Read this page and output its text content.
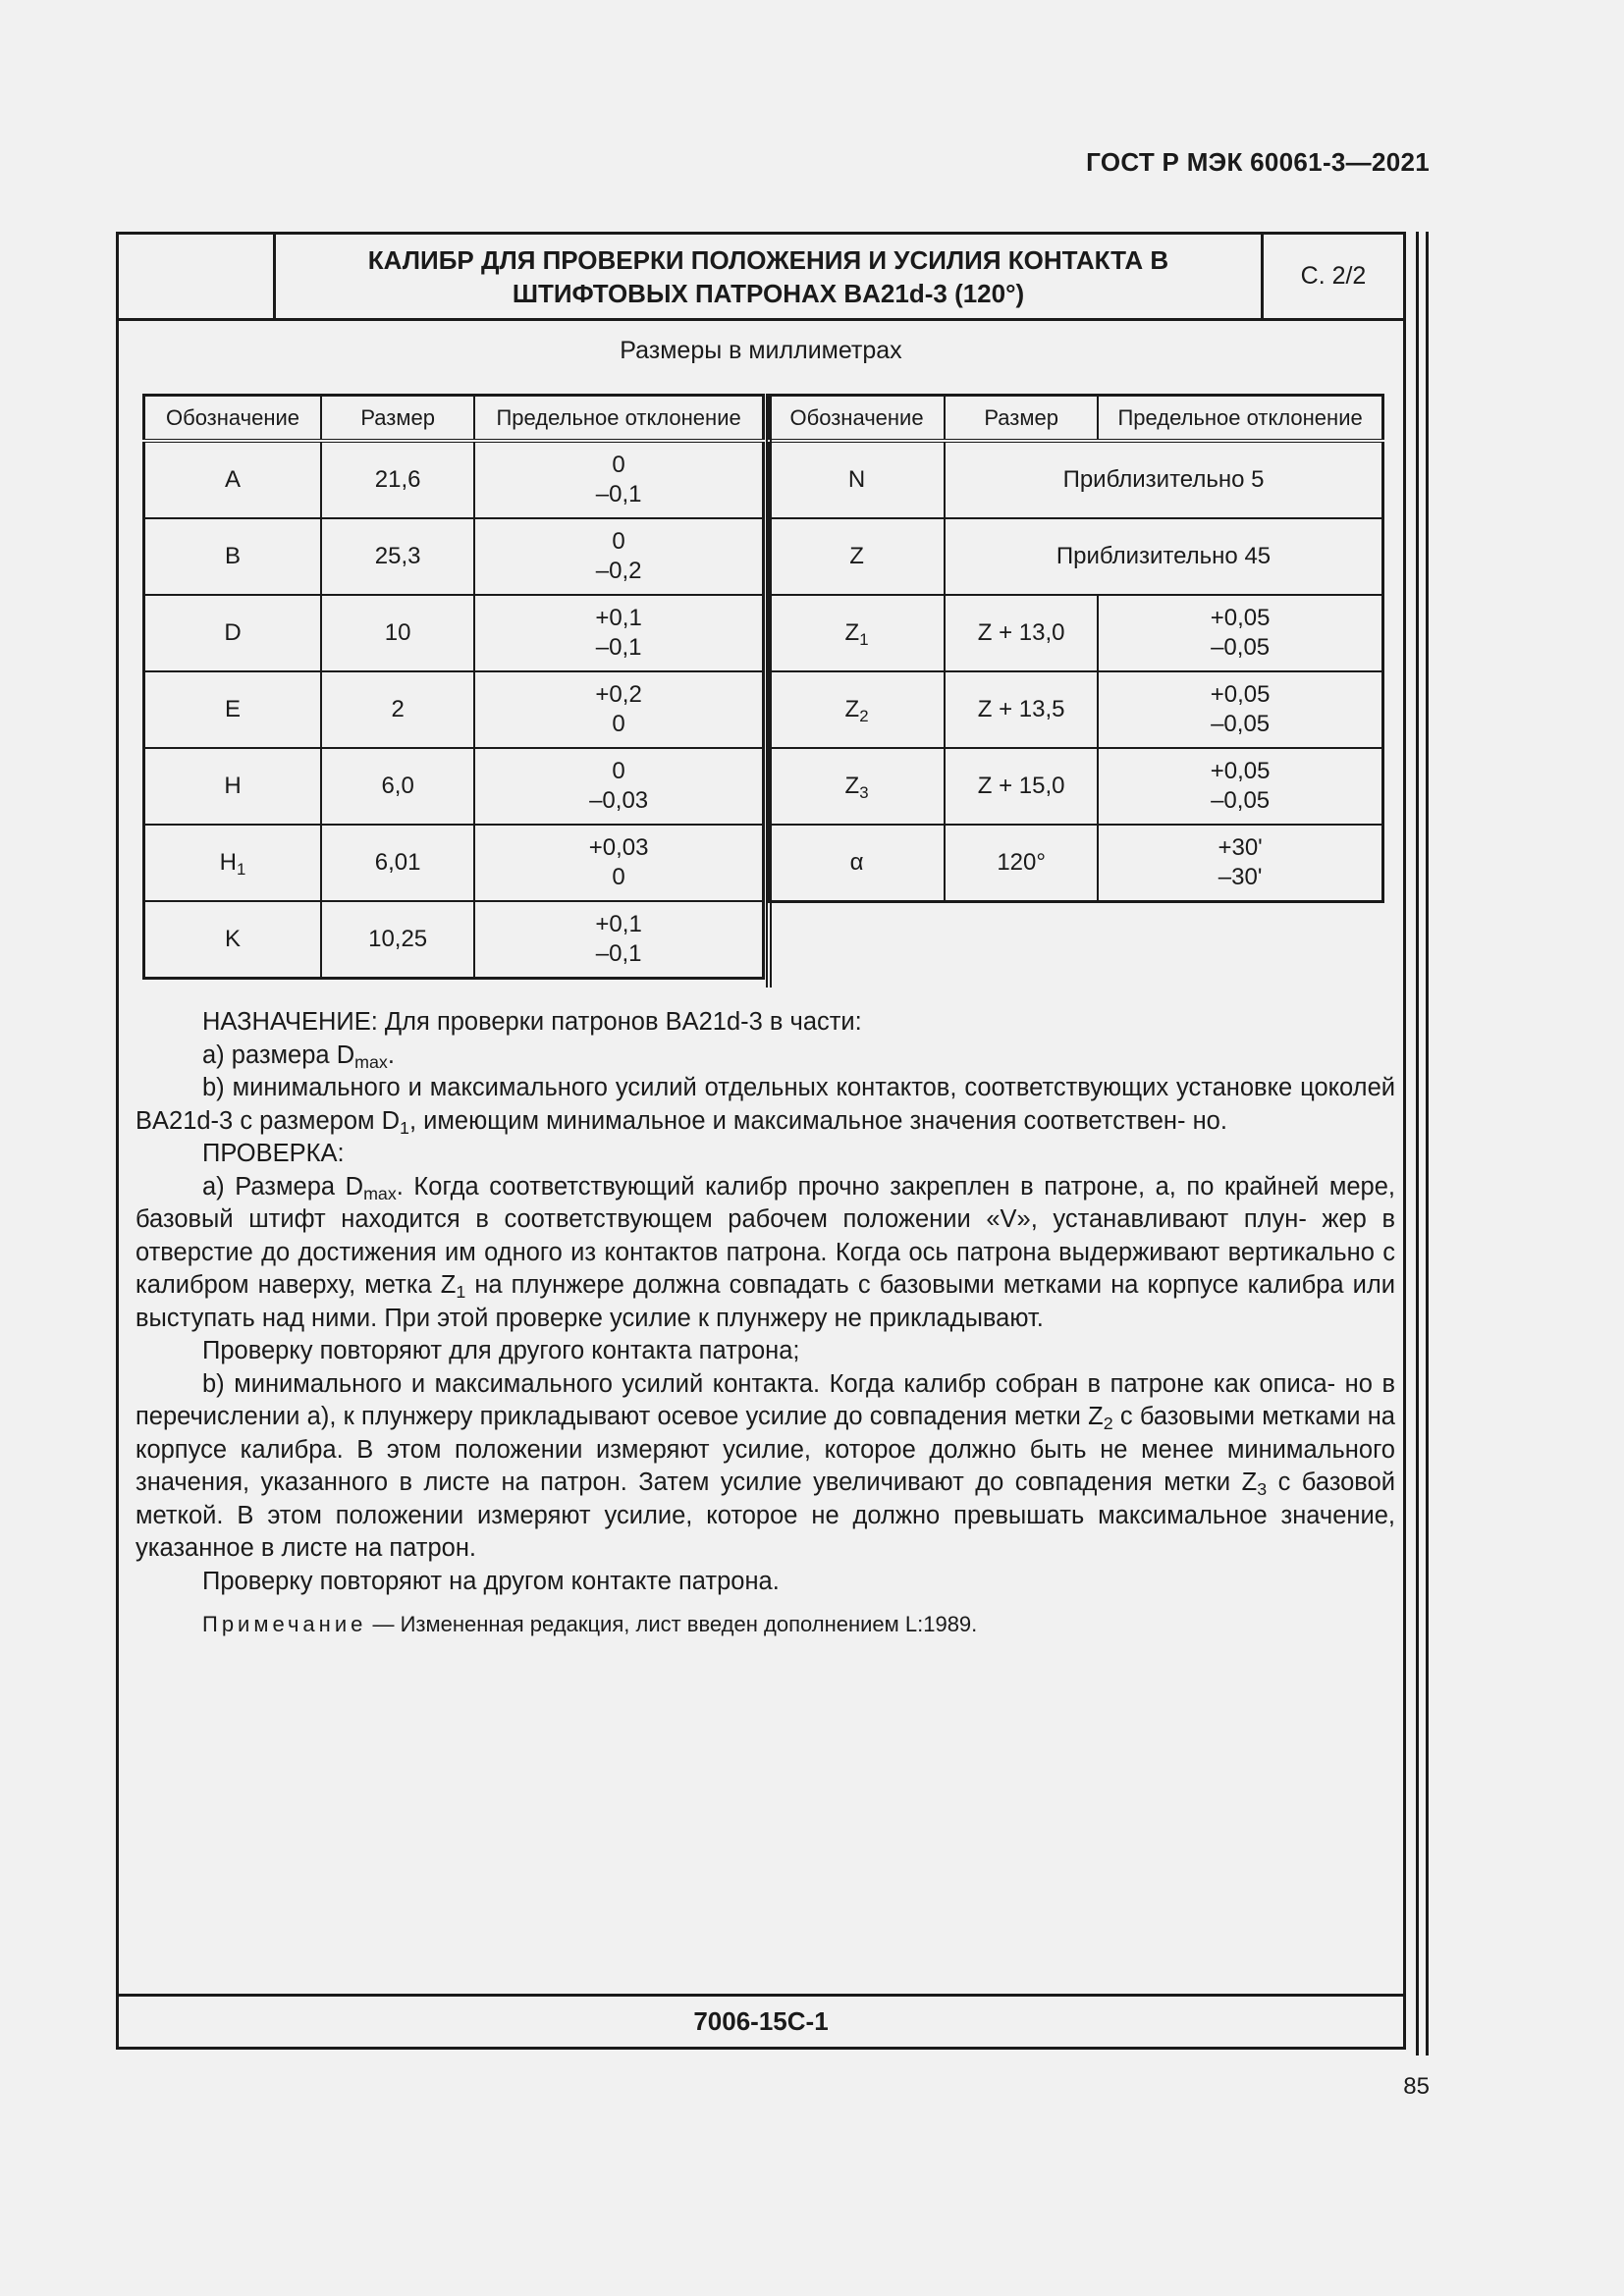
ГОСТ Р МЭК 60061-3—2021
КАЛИБР ДЛЯ ПРОВЕРКИ ПОЛОЖЕНИЯ И УСИЛИЯ КОНТАКТА В
ШТИФТОВЫХ ПАТРОНАХ BA21d-3 (120°)
С. 2/2
Размеры в миллиметрах
Обозначение	Размер	Предельное отклонение
A	21,6	0
–0,1

B	25,3	0
–0,2

D	10	+0,1
–0,1

E	2	+0,2
0

H	6,0	0
–0,03

$H_1$	6,01	+0,03
0

K	10,25	+0,1
–0,1
Обозначение	Размер	Предельное отклонение
N	Приблизительно 5	
Z	Приблизительно 45	
$Z_1$	Z + 13,0	+0,05
–0,05

$Z_2$	Z + 13,5	+0,05
–0,05

$Z_3$	Z + 15,0	+0,05
–0,05

α	120°	+30'
–30'

НАЗНАЧЕНИЕ: Для проверки патронов BA21d-3 в части:

a) размера $D_{max}$.

b) минимального и максимального усилий отдельных контактов, соответствующих установке цоколей BA21d-3 с размером $D_1$, имеющим минимальное и максимальное значения соответствен- но.

ПРОВЕРКА:

a) Размера $D_{max}$. Когда соответствующий калибр прочно закреплен в патроне, а, по крайней мере, базовый штифт находится в соответствующем рабочем положении «V», устанавливают плун- жер в отверстие до достижения им одного из контактов патрона. Когда ось патрона выдерживают вертикально с калибром наверху, метка $Z_1$ на плунжере должна совпадать с базовыми метками на корпусе калибра или выступать над ними. При этой проверке усилие к плунжеру не прикладывают.

Проверку повторяют для другого контакта патрона;

b) минимального и максимального усилий контакта. Когда калибр собран в патроне как описа- но в перечислении а), к плунжеру прикладывают осевое усилие до совпадения метки $Z_2$ с базовыми метками на корпусе калибра. В этом положении измеряют усилие, которое должно быть не менее минимального значения, указанного в листе на патрон. Затем усилие увеличивают до совпадения метки $Z_3$ с базовой меткой. В этом положении измеряют усилие, которое не должно превышать максимальное значение, указанное в листе на патрон.

Проверку повторяют на другом контакте патрона.

Примечание — Измененная редакция, лист введен дополнением L:1989.

7006-15C-1
85
